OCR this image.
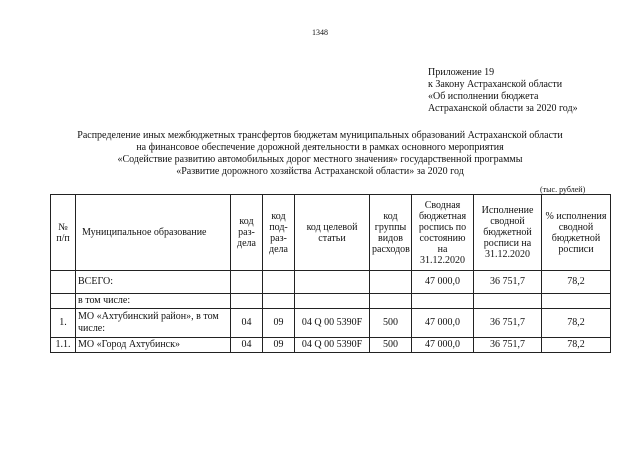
1348
Приложение 19
к Закону Астраханской области
«Об исполнении бюджета
Астраханской области за 2020 год»
Распределение иных межбюджетных трансфертов бюджетам муниципальных образований Астраханской области
на финансовое обеспечение дорожной деятельности в рамках основного мероприятия
«Содействие развитию автомобильных дорог местного значения» государственной программы
«Развитие дорожного хозяйства Астраханской области» за 2020 год
(тыс. рублей)
№ п/п	Муниципальное образование	код раз-дела	код под-раз-дела	код целевой статьи	код группы видов расходов	Сводная бюджетная роспись по состоянию на 31.12.2020	Исполнение сводной бюджетной росписи на 31.12.2020	% исполнения сводной бюджетной росписи
	ВСЕГО:					47 000,0	36 751,7	78,2
	в том числе:							
1.	МО «Ахтубинский район», в том числе:	04	09	04 Q 00 5390F	500	47 000,0	36 751,7	78,2
1.1.	МО «Город Ахтубинск»	04	09	04 Q 00 5390F	500	47 000,0	36 751,7	78,2
